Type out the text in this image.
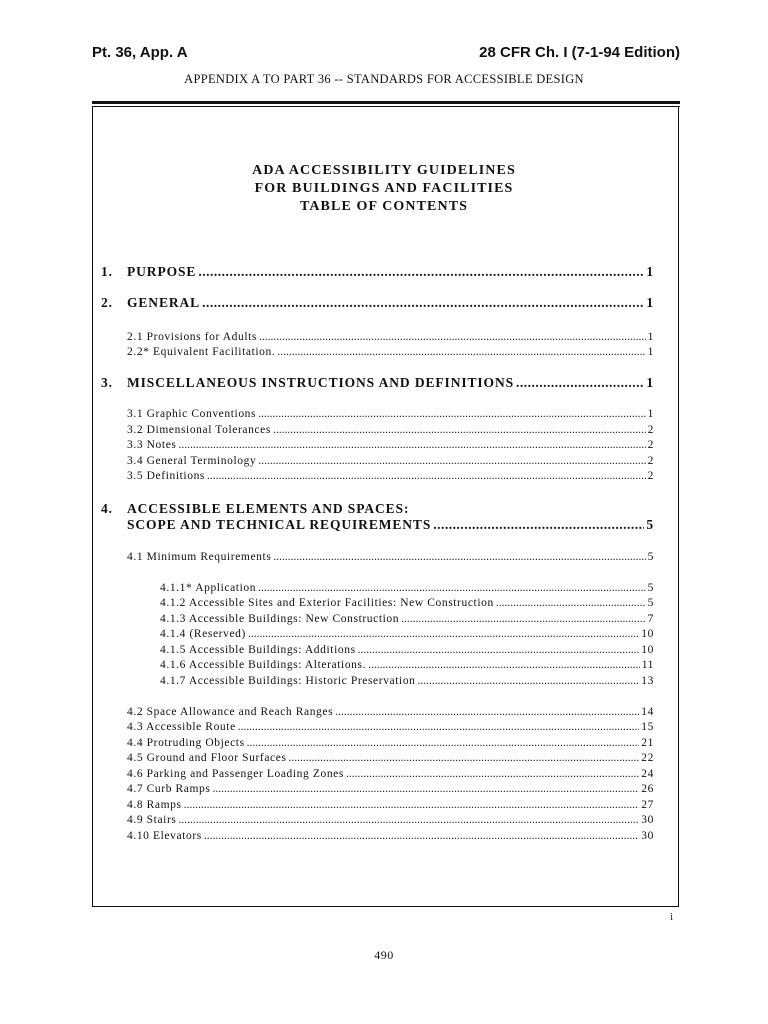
Pt. 36, App. A	28 CFR Ch. I (7-1-94 Edition)
APPENDIX A TO PART 36 -- STANDARDS FOR ACCESSIBLE DESIGN
ADA ACCESSIBILITY GUIDELINES
FOR BUILDINGS AND FACILITIES
TABLE OF CONTENTS
1. PURPOSE .....	1
2. GENERAL .....	1
2.1 Provisions for Adults .....	1
2.2* Equivalent Facilitation. .....	1
3. MISCELLANEOUS INSTRUCTIONS AND DEFINITIONS .....	1
3.1 Graphic Conventions .....	1
3.2 Dimensional Tolerances .....	2
3.3 Notes .....	2
3.4 General Terminology .....	2
3.5 Definitions .....	2
4. ACCESSIBLE ELEMENTS AND SPACES:
SCOPE AND TECHNICAL REQUIREMENTS .....	5
4.1 Minimum Requirements .....	5
4.1.1* Application .....	5
4.1.2 Accessible Sites and Exterior Facilities: New Construction .....	5
4.1.3 Accessible Buildings: New Construction .....	7
4.1.4 (Reserved) .....	10
4.1.5 Accessible Buildings: Additions .....	10
4.1.6 Accessible Buildings: Alterations. .....	11
4.1.7 Accessible Buildings: Historic Preservation .....	13
4.2 Space Allowance and Reach Ranges .....	14
4.3 Accessible Route .....	15
4.4 Protruding Objects .....	21
4.5 Ground and Floor Surfaces .....	22
4.6 Parking and Passenger Loading Zones .....	24
4.7 Curb Ramps .....	26
4.8 Ramps .....	27
4.9 Stairs .....	30
4.10 Elevators .....	30
i
490
